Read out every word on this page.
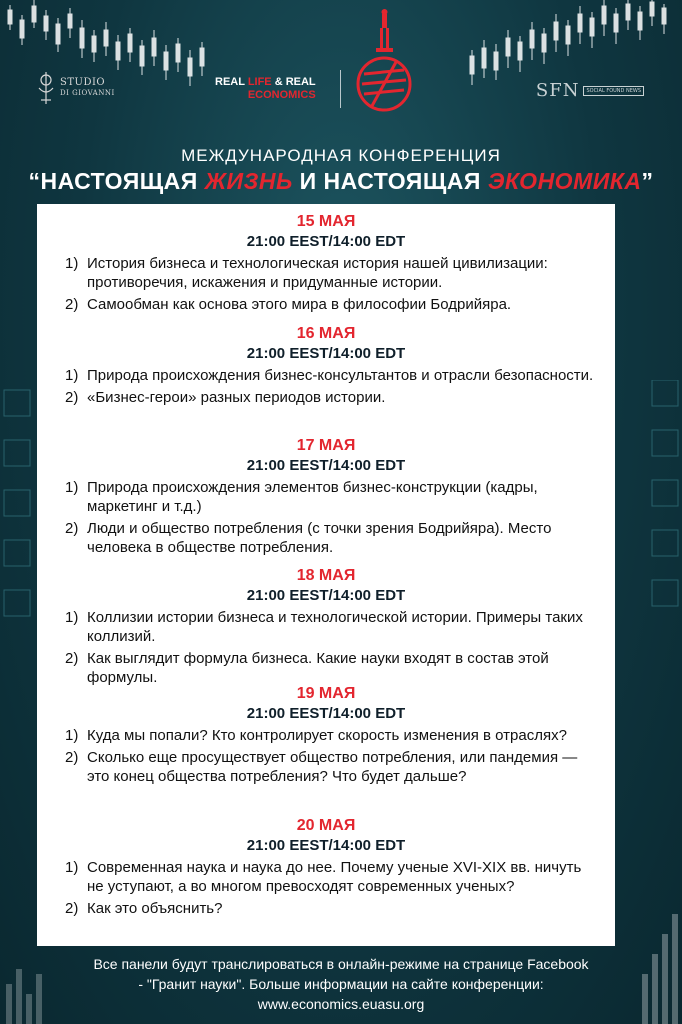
STUDIO
DI GIOVANNI
REAL LIFE & REAL
ECONOMICS	SFN	SOCIAL FOUND NEWS
МЕЖДУНАРОДНАЯ КОНФЕРЕНЦИЯ
“НАСТОЯЩАЯ ЖИЗНЬ И НАСТОЯЩАЯ ЭКОНОМИКА”
15 МАЯ
21:00 EEST/14:00 EDT
1) История бизнеса и технологическая история нашей цивилизации: противоречия, искажения и придуманные истории.
2) Самообман как основа этого мира в философии Бодрийяра.
16 МАЯ
21:00 EEST/14:00 EDT
1) Природа происхождения бизнес-консультантов и отрасли безопасности.
2) «Бизнес-герои» разных периодов истории.
17 МАЯ
21:00 EEST/14:00 EDT
1) Природа происхождения элементов бизнес-конструкции (кадры, маркетинг и т.д.)
2) Люди и общество потребления (с точки зрения Бодрийяра). Место человека в обществе потребления.
18 МАЯ
21:00 EEST/14:00 EDT
1) Коллизии истории бизнеса и технологической истории. Примеры таких коллизий.
2) Как выглядит формула бизнеса. Какие науки входят в состав этой формулы.
19 МАЯ
21:00 EEST/14:00 EDT
1) Куда мы попали? Кто контролирует скорость изменения в отраслях?
2) Сколько еще просуществует общество потребления, или пандемия — это конец общества потребления? Что будет дальше?
20 МАЯ
21:00 EEST/14:00 EDT
1) Современная наука и наука до нее. Почему ученые XVI-XIX вв. ничуть не уступают, а во многом превосходят современных ученых?
2) Как это объяснить?
Все панели будут транслироваться в онлайн-режиме на странице Facebook
- "Гранит науки". Больше информации на сайте конференции:
www.economics.euasu.org
